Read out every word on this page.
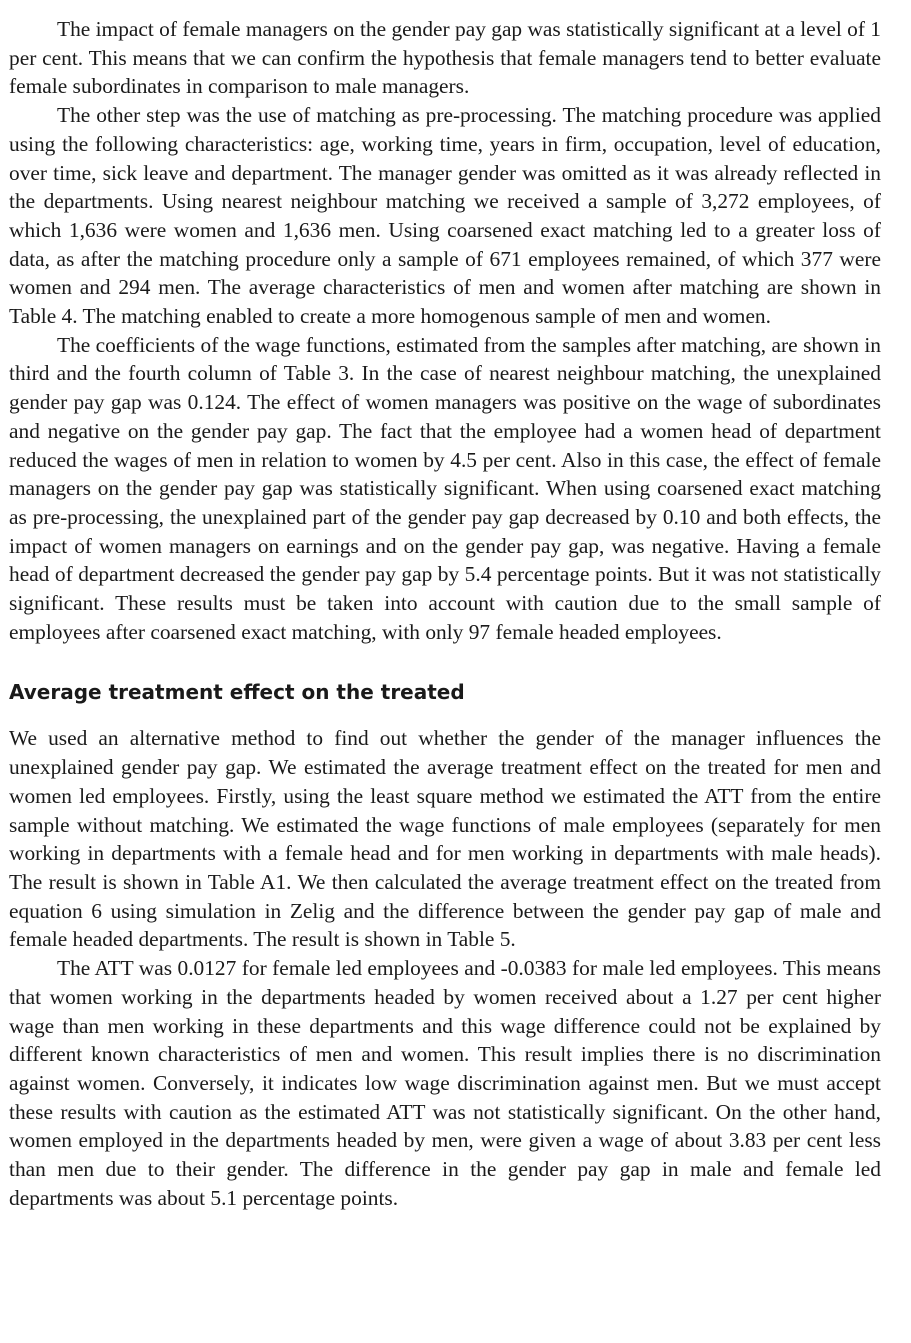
The impact of female managers on the gender pay gap was statistically significant at a level of 1 per cent. This means that we can confirm the hypothesis that female managers tend to better evaluate female subordinates in comparison to male managers.

The other step was the use of matching as pre-processing. The matching procedure was applied using the following characteristics: age, working time, years in firm, occupation, level of education, over time, sick leave and department. The manager gender was omitted as it was already reflected in the departments. Using nearest neighbour matching we received a sample of 3,272 employees, of which 1,636 were women and 1,636 men. Using coarsened exact matching led to a greater loss of data, as after the matching procedure only a sample of 671 employees remained, of which 377 were women and 294 men. The average characteristics of men and women after matching are shown in Table 4. The matching enabled to create a more homogenous sample of men and women.

The coefficients of the wage functions, estimated from the samples after matching, are shown in third and the fourth column of Table 3. In the case of nearest neighbour matching, the unexplained gender pay gap was 0.124. The effect of women managers was positive on the wage of subordinates and negative on the gender pay gap. The fact that the employee had a women head of department reduced the wages of men in relation to women by 4.5 per cent. Also in this case, the effect of female managers on the gender pay gap was statistically significant. When using coarsened exact matching as pre-processing, the unexplained part of the gender pay gap decreased by 0.10 and both effects, the impact of women managers on earnings and on the gender pay gap, was negative. Having a female head of department decreased the gender pay gap by 5.4 percentage points. But it was not statistically significant. These results must be taken into account with caution due to the small sample of employees after coarsened exact matching, with only 97 female headed employees.

Average treatment effect on the treated

We used an alternative method to find out whether the gender of the manager influences the unexplained gender pay gap. We estimated the average treatment effect on the treated for men and women led employees. Firstly, using the least square method we estimated the ATT from the entire sample without matching. We estimated the wage functions of male employees (separately for men working in departments with a female head and for men working in departments with male heads). The result is shown in Table A1. We then calculated the average treatment effect on the treated from equation 6 using simulation in Zelig and the difference between the gender pay gap of male and female headed departments. The result is shown in Table 5.

The ATT was 0.0127 for female led employees and -0.0383 for male led employees. This means that women working in the departments headed by women received about a 1.27 per cent higher wage than men working in these departments and this wage difference could not be explained by different known characteristics of men and women. This result implies there is no discrimination against women. Conversely, it indicates low wage discrimination against men. But we must accept these results with caution as the estimated ATT was not statistically significant. On the other hand, women employed in the departments headed by men, were given a wage of about 3.83 per cent less than men due to their gender. The difference in the gender pay gap in male and female led departments was about 5.1 percentage points.
